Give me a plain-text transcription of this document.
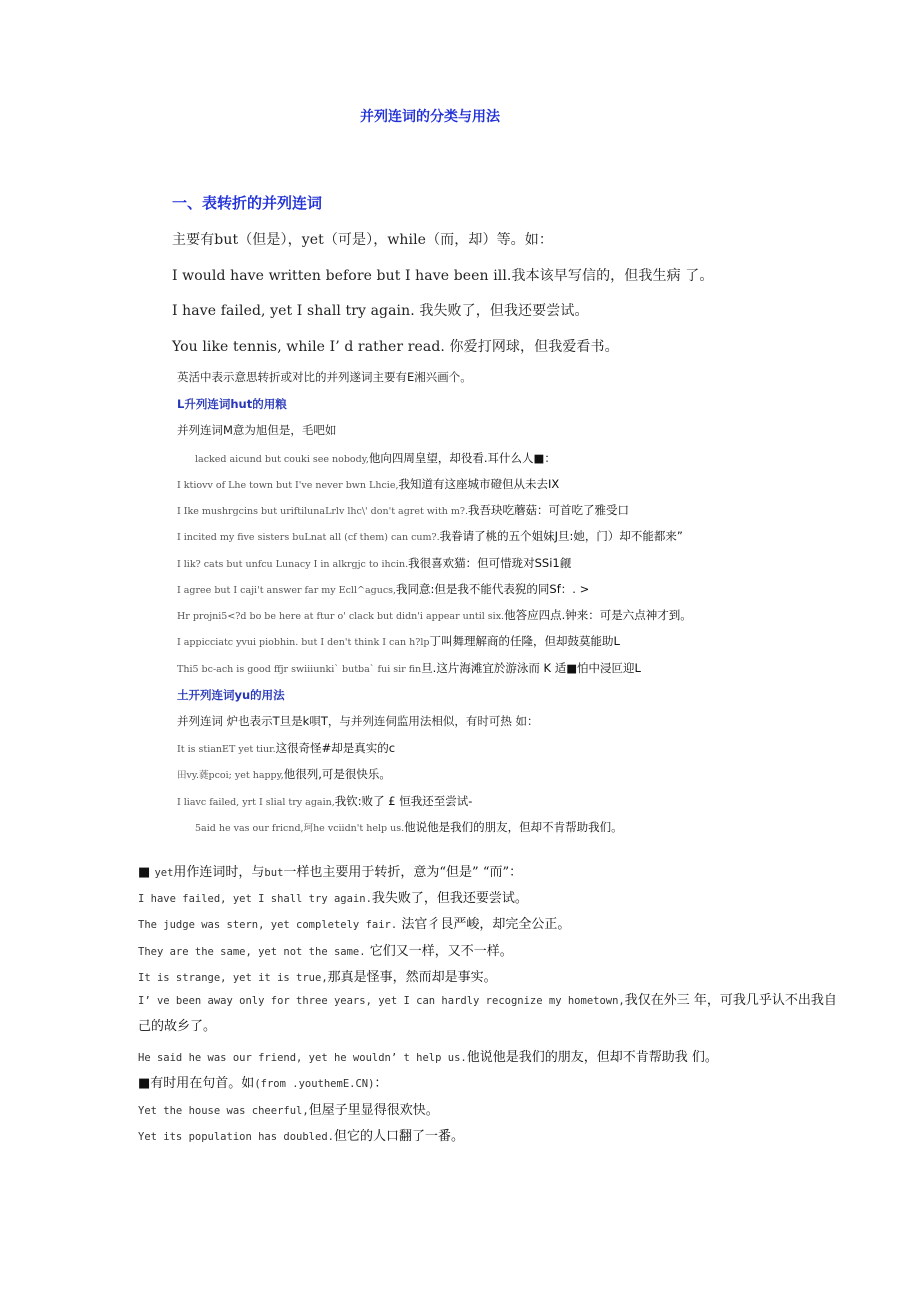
并列连词的分类与用法
一、表转折的并列连词
主要有but（但是），yet（可是），while（而，却）等。如：
I would have written before but I have been ill.我本该早写信的，但我生病 了。
I have failed, yet I shall try again. 我失败了，但我还要尝试。
You like tennis, while I’ d rather read. 你爱打网球，但我爱看书。
英活中表示意思转折或对比的并列遂词主要有E湘兴画个。
L升列连词hut的用粮
并列连词M意为旭但是，毛吧如
lacked aicund but couki see nobody,他向四周皇望，却役看.耳什么人■：
I ktiovv of Lhe town but I've never bwn Lhcie,我知道有这座城市磴但从未去IX
I Ike mushrgcins but uriftilunaLrlv lhc\' don't agret with m?.我吾玦吃蘑菇：可首吃了雅受口
I incited my five sisters buLnat all (cf them) can cum?.我眷请了桃的五个姐妹J旦:她，门）却不能都来”
I lik? cats but unfcu Lunacy I in alkrgjc to ihcin.我很喜欢猫：但可惜珑对SSi1觎
I agree but I caji't answer far my Ecll^agucs,我同意:但是我不能代表猊的同Sf：. >
Hr projni5<?d bo be here at ftur o' clack but didn'i appear until six.他答应四点.钟来：可是六点神才到。
I appicciatc yvui piobhin. but I den't think I can h?lp丁叫舞理解商的任隆，但却鼓莫能助L
Thi5 bc-ach is good ffjr swiiiunki` butba` fui sir fin旦.这片海滩宜於游泳而 K 适■怕中浸叵迎L
土开列连词yu的用法
并列连词 炉也表示T旦是k唄T，与并列连伺监用法相似，有时可热 如：
It is stianET yet tiur.这很奇怪#却是真实的c
田vy.蕤pcoi; yet happy,他很列,可是很快乐。
I liavc failed, yrt I slial try again,我钦:败了 £ 恒我还至尝试-
5aid he vas our fricnd,珂he vciidn't help us.他说他是我们的朋友，但却不肯帮助我们。
■ yet用作连词时，与but一样也主要用于转折，意为“但是” “而”：
I have failed, yet I shall try again.我失败了，但我还要尝试。
The judge was stern, yet completely fair. 法官彳艮严峻，却完全公正。
They are the same, yet not the same. 它们又一样，又不一样。
It is strange, yet it is true,那真是怪事，然而却是事实。
I’ ve been away only for three years, yet I can hardly recognize my hometown,我仅在外三 年，可我几乎认不出我自己的故乡了。
He said he was our friend, yet he wouldn’ t help us.他说他是我们的朋友，但却不肯帮助我 们。
■有时用在句首。如(from .youthemE.CN)：
Yet the house was cheerful,但屋子里显得很欢快。
Yet its population has doubled.但它的人口翻了一番。
